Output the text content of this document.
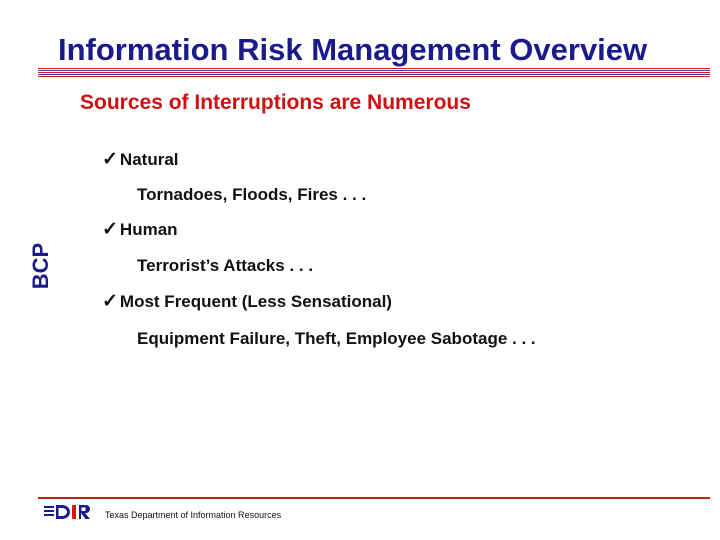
Information Risk Management Overview
Sources of Interruptions are Numerous
BCP
✓ Natural
Tornadoes, Floods, Fires . . .
✓ Human
Terrorist’s Attacks . . .
✓ Most Frequent (Less Sensational)
Equipment Failure, Theft, Employee Sabotage . . .
Texas Department of Information Resources
